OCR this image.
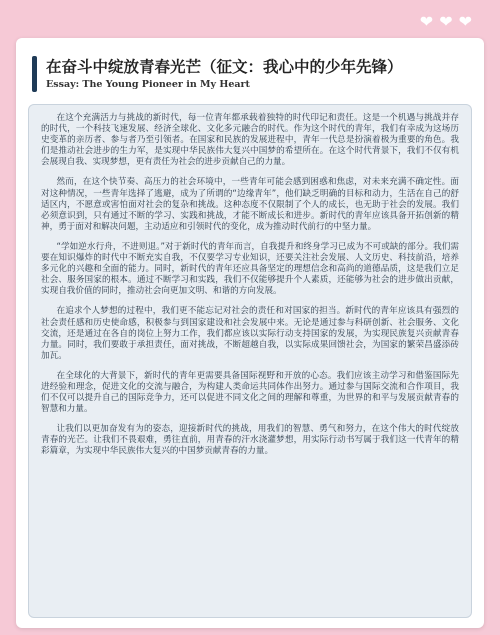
❤ ❤ ❤
在奋斗中绽放青春光芒（征文：我心中的少年先锋）
Essay: The Young Pioneer in My Heart

在这个充满活力与挑战的新时代，每一位青年都承载着独特的时代印记和责任。这是一个机遇与挑战并存的时代，一个科技飞速发展、经济全球化、文化多元融合的时代。作为这个时代的青年，我们有幸成为这场历史变革的亲历者、参与者乃至引领者。在国家和民族的发展进程中，青年一代总是扮演着极为重要的角色。我们是推动社会进步的生力军，是实现中华民族伟大复兴中国梦的希望所在。在这个时代背景下，我们不仅有机会展现自我、实现梦想，更有责任为社会的进步贡献自己的力量。

然而，在这个快节奏、高压力的社会环境中，一些青年可能会感到困惑和焦虑，对未来充满不确定性。面对这种情况，一些青年选择了逃避，成为了所谓的“边缘青年”，他们缺乏明确的目标和动力，生活在自己的舒适区内，不愿意或害怕面对社会的复杂和挑战。这种态度不仅限制了个人的成长，也无助于社会的发展。我们必须意识到，只有通过不断的学习、实践和挑战，才能不断成长和进步。新时代的青年应该具备开拓创新的精神，勇于面对和解决问题，主动适应和引领时代的变化，成为推动时代前行的中坚力量。

“学如逆水行舟，不进则退。”对于新时代的青年而言，自我提升和终身学习已成为不可或缺的部分。我们需要在知识爆炸的时代中不断充实自我，不仅要学习专业知识，还要关注社会发展、人文历史、科技前沿，培养多元化的兴趣和全面的能力。同时，新时代的青年还应具备坚定的理想信念和高尚的道德品质，这是我们立足社会、服务国家的根本。通过不断学习和实践，我们不仅能够提升个人素质，还能够为社会的进步做出贡献，实现自我价值的同时，推动社会向更加文明、和谐的方向发展。

在追求个人梦想的过程中，我们更不能忘记对社会的责任和对国家的担当。新时代的青年应该具有强烈的社会责任感和历史使命感，积极参与到国家建设和社会发展中来。无论是通过参与科研创新、社会服务、文化交流，还是通过在各自的岗位上努力工作，我们都应该以实际行动支持国家的发展，为实现民族复兴贡献青春力量。同时，我们要敢于承担责任，面对挑战，不断超越自我，以实际成果回馈社会，为国家的繁荣昌盛添砖加瓦。

在全球化的大背景下，新时代的青年更需要具备国际视野和开放的心态。我们应该主动学习和借鉴国际先进经验和理念，促进文化的交流与融合，为构建人类命运共同体作出努力。通过参与国际交流和合作项目，我们不仅可以提升自己的国际竞争力，还可以促进不同文化之间的理解和尊重，为世界的和平与发展贡献青春的智慧和力量。

让我们以更加奋发有为的姿态，迎接新时代的挑战，用我们的智慧、勇气和努力，在这个伟大的时代绽放青春的光芒。让我们不畏艰难，勇往直前，用青春的汗水浇灌梦想，用实际行动书写属于我们这一代青年的精彩篇章，为实现中华民族伟大复兴的中国梦贡献青春的力量。
